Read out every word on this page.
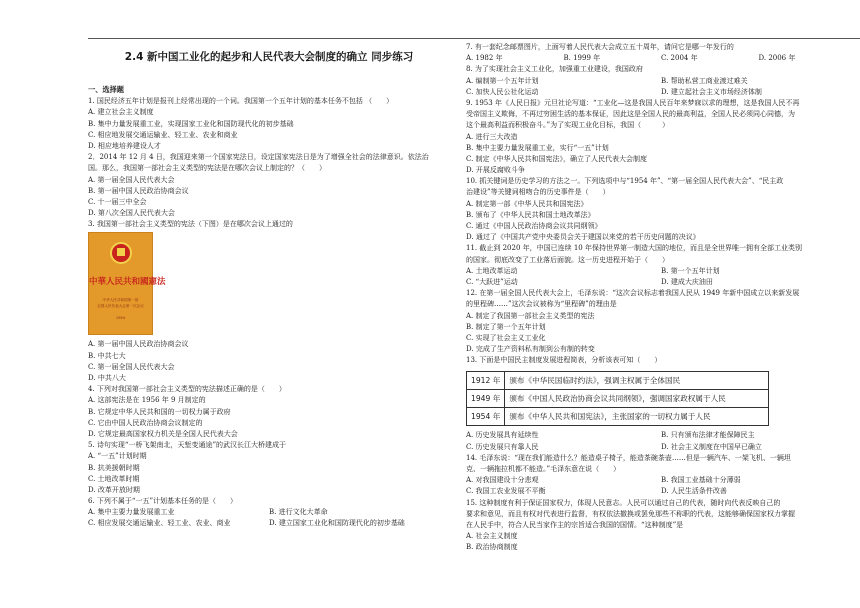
2.4 新中国工业化的起步和人民代表大会制度的确立 同步练习
一、选择题
1. 国民经济五年计划是报刊上经常出现的一个词。我国第一个五年计划的基本任务不包括 （　　）
A. 建立社会主义制度
B. 集中力量发展重工业，实现国家工业化和国防现代化的初步基础
C. 相应地发展交通运输业、轻工业、农业和商业
D. 相应地培养建设人才
2．2014 年 12 月 4 日，我国迎来第一个国家宪法日，设定国家宪法日是为了增强全社会的法律意识。依法治
国。那么，我国第一部社会主义类型的宪法是在哪次会议上制定的？（　　）
A. 第一届全国人民代表大会
B. 第一届中国人民政治协商会议
C. 十一届三中全会
D. 第八次全国人民代表大会
3. 我国第一部社会主义类型的宪法（下图）是在哪次会议上通过的
中華人民共和國憲法
中华人民共和国第一届
全国人民代表大会第一次会议
1954
A. 第一届中国人民政治协商会议
B. 中共七大
C. 第一届全国人民代表大会
D. 中共八大
4. 下列对我国第一部社会主义类型的宪法描述正确的是（　　）
A. 这部宪法是在 1956 年 9 月制定的
B. 它规定中华人民共和国的一切权力属于政府
C. 它由中国人民政治协商会议制定的
D. 它规定最高国家权力机关是全国人民代表大会
5. 诗句实现“一桥飞架南北，天堑变通途”的武汉长江大桥建成于
A. “一五”计划时期
B. 抗美援朝时期
C. 土地改革时期
D. 改革开放时期
6. 下列不属于“一五”计划基本任务的是（　　）
A. 集中主要力量发展重工业	B. 进行文化大革命
C. 相应发展交通运输业、轻工业、农业、商业	D. 建立国家工业化和国防现代化的初步基础
7. 有一套纪念邮票图片，上面写着人民代表大会成立五十周年，请问它是哪一年发行的
A. 1982 年	B. 1999 年	C. 2004 年	D. 2006 年
8. 为了实现社会主义工业化，加强重工业建设，我国政府
A. 编制第一个五年计划	B. 帮助私营工商业渡过难关
C. 加快人民公社化运动	D. 建立起社会主义市场经济体制
9. 1953 年《人民日报》元旦社论写道：“工业化—这是我国人民百年来梦寐以求的理想，这是我国人民不再
受帝国主义欺侮，不再过穷困生活的基本保证，因此这是全国人民的最高利益，全国人民必须同心同德，为
这个最高利益而积极奋斗。”为了实现工业化目标，我国（　　　）
A. 进行三大改造
B. 集中主要力量发展重工业，实行“一五”计划
C. 制定《中华人民共和国宪法》，确立了人民代表大会制度
D. 开展反腐败斗争
10. 抓关键词是历史学习的方法之一。下列选项中与“1954 年”、“第一届全国人民代表大会”、“民主政
治建设”等关键词相吻合的历史事件是（　　）
A. 制定第一部《中华人民共和国宪法》
B. 颁布了《中华人民共和国土地改革法》
C. 通过《中国人民政治协商会议共同纲领》
D. 通过了《中国共产党中央委员会关于建国以来党的若干历史问题的决议》
11. 截止到 2020 年，中国已连续 10 年保持世界第一制造大国的地位，而且是全世界唯一拥有全部工业类别
的国家。彻底改变了工业落后面貌。这一历史进程开始于（　　）
A. 土地改革运动	B. 第一个五年计划
C. “大跃进”运动	D. 建成大庆油田
12. 在第一届全国人民代表大会上，毛泽东说：“这次会议标志着我国人民从 1949 年新中国成立以来新发展
的里程碑……”这次会议被称为“里程碑”的理由是
A. 制定了我国第一部社会主义类型的宪法
B. 制定了第一个五年计划
C. 实现了社会主义工业化
D. 完成了生产资料私有制到公有制的转变
13. 下面是中国民主制度发展进程简表，分析该表可知（　　）
1912 年	颁布《中华民国临时约法》，强调主权属于全体国民
1949 年	颁布《中国人民政治协商会议共同纲领》，强调国家政权属于人民
1954 年	颁布《中华人民共和国宪法》，主张国家的一切权力属于人民
A. 历史发展具有延续性	B. 只有颁布法律才能保障民主
C. 历史发展只有靠人民	D. 社会主义制度在中国早已确立
14. 毛泽东说：“现在我们能造什么？能造桌子椅子，能造茶碗茶壶……但是一辆汽车、一架飞机、一辆坦
克、一辆拖拉机都不能造。”毛泽东意在说（　　）
A. 对我国建设十分悲观	B. 我国工业基础十分薄弱
C. 我国工农业发展不平衡	D. 人民生活条件改善
15. 这种制度有利于保证国家权力，体现人民意志。人民可以通过自己的代表，随时向代表反映自己的
要求和意见，而且有权对代表进行监督，有权依法撤换或罢免那些不称职的代表，这能够确保国家权力掌握
在人民手中，符合人民当家作主的宗旨适合我国的国情。“这种制度”是
A. 社会主义制度
B. 政治协商制度
